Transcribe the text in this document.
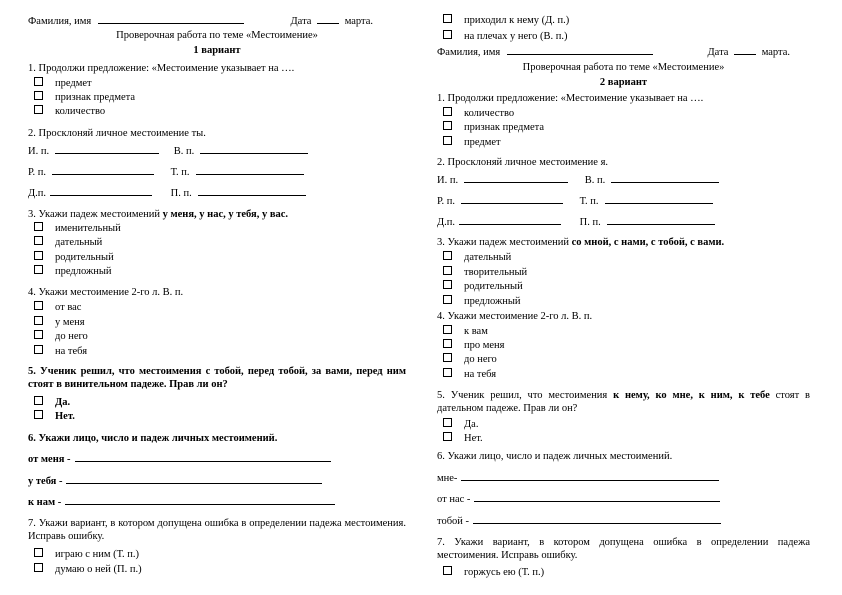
Фамилия, имя	Дата	марта.
Проверочная работа по теме «Местоимение»
1 вариант
1. Продолжи предложение: «Местоимение указывает на ….
предмет
признак предмета
количество
2. Просклоняй личное местоимение ты.
И. п.	В. п.
Р. п.	Т. п.
Д.п.	П. п.
3. Укажи падеж местоимений у меня, у нас, у тебя, у вас.
именительный
дательный
родительный
предложный
4. Укажи местоимение 2-го л. В. п.
от вас
у меня
до него
на тебя
5. Ученик решил, что местоимения с тобой, перед тобой, за вами, перед ним стоят в винительном падеже. Прав ли он?
Да.
Нет.
6. Укажи лицо, число и падеж личных местоимений.
от меня -
у тебя -
к нам -
7. Укажи вариант, в котором допущена ошибка в определении падежа местоимения. Исправь ошибку.
играю с ним (Т. п.)
думаю о ней (П. п.)
приходил к нему (Д. п.)
на плечах у него (В. п.)
Фамилия, имя	Дата	марта.
Проверочная работа по теме «Местоимение»
2 вариант
1. Продолжи предложение: «Местоимение указывает на ….
количество
признак предмета
предмет
2. Просклоняй личное местоимение я.
И. п.	В. п.
Р. п.	Т. п.
Д.п.	П. п.
3. Укажи падеж местоимений со мной, с нами, с тобой, с вами.
дательный
творительный
родительный
предложный
4. Укажи местоимение 2-го л. В. п.
к вам
про меня
до него
на тебя
5. Ученик решил, что местоимения к нему, ко мне, к ним, к тебе стоят в дательном падеже. Прав ли он?
Да.
Нет.
6. Укажи лицо, число и падеж личных местоимений.
мне-
от нас -
тобой -
7. Укажи вариант, в котором допущена ошибка в определении падежа местоимения. Исправь ошибку.
горжусь ею (Т. п.)
